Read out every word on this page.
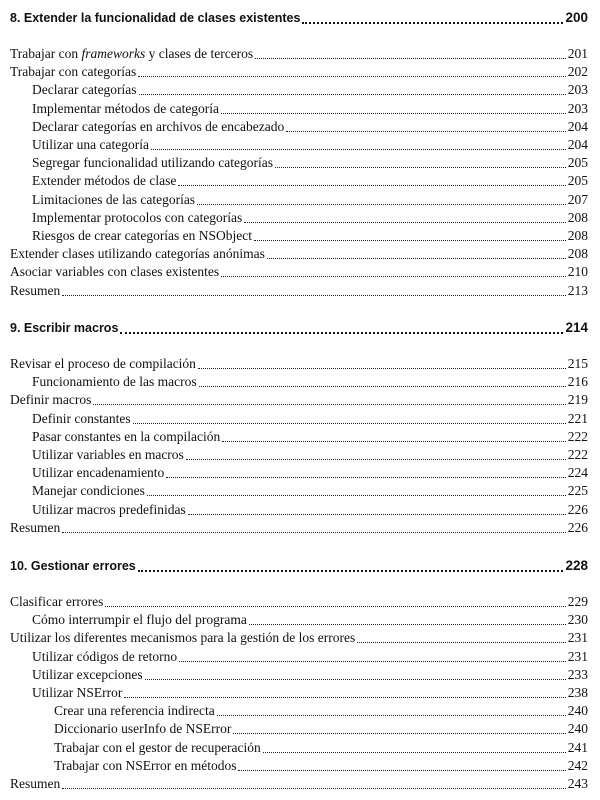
8. Extender la funcionalidad de clases existentes	200
Trabajar con frameworks y clases de terceros	201
Trabajar con categorías	202
Declarar categorías	203
Implementar métodos de categoría	203
Declarar categorías en archivos de encabezado	204
Utilizar una categoría	204
Segregar funcionalidad utilizando categorías	205
Extender métodos de clase	205
Limitaciones de las categorías	207
Implementar protocolos con categorías	208
Riesgos de crear categorías en NSObject	208
Extender clases utilizando categorías anónimas	208
Asociar variables con clases existentes	210
Resumen	213
9. Escribir macros	214
Revisar el proceso de compilación	215
Funcionamiento de las macros	216
Definir macros	219
Definir constantes	221
Pasar constantes en la compilación	222
Utilizar variables en macros	222
Utilizar encadenamiento	224
Manejar condiciones	225
Utilizar macros predefinidas	226
Resumen	226
10. Gestionar errores	228
Clasificar errores	229
Cómo interrumpir el flujo del programa	230
Utilizar los diferentes mecanismos para la gestión de los errores	231
Utilizar códigos de retorno	231
Utilizar excepciones	233
Utilizar NSError	238
Crear una referencia indirecta	240
Diccionario userInfo de NSError	240
Trabajar con el gestor de recuperación	241
Trabajar con NSError en métodos	242
Resumen	243
